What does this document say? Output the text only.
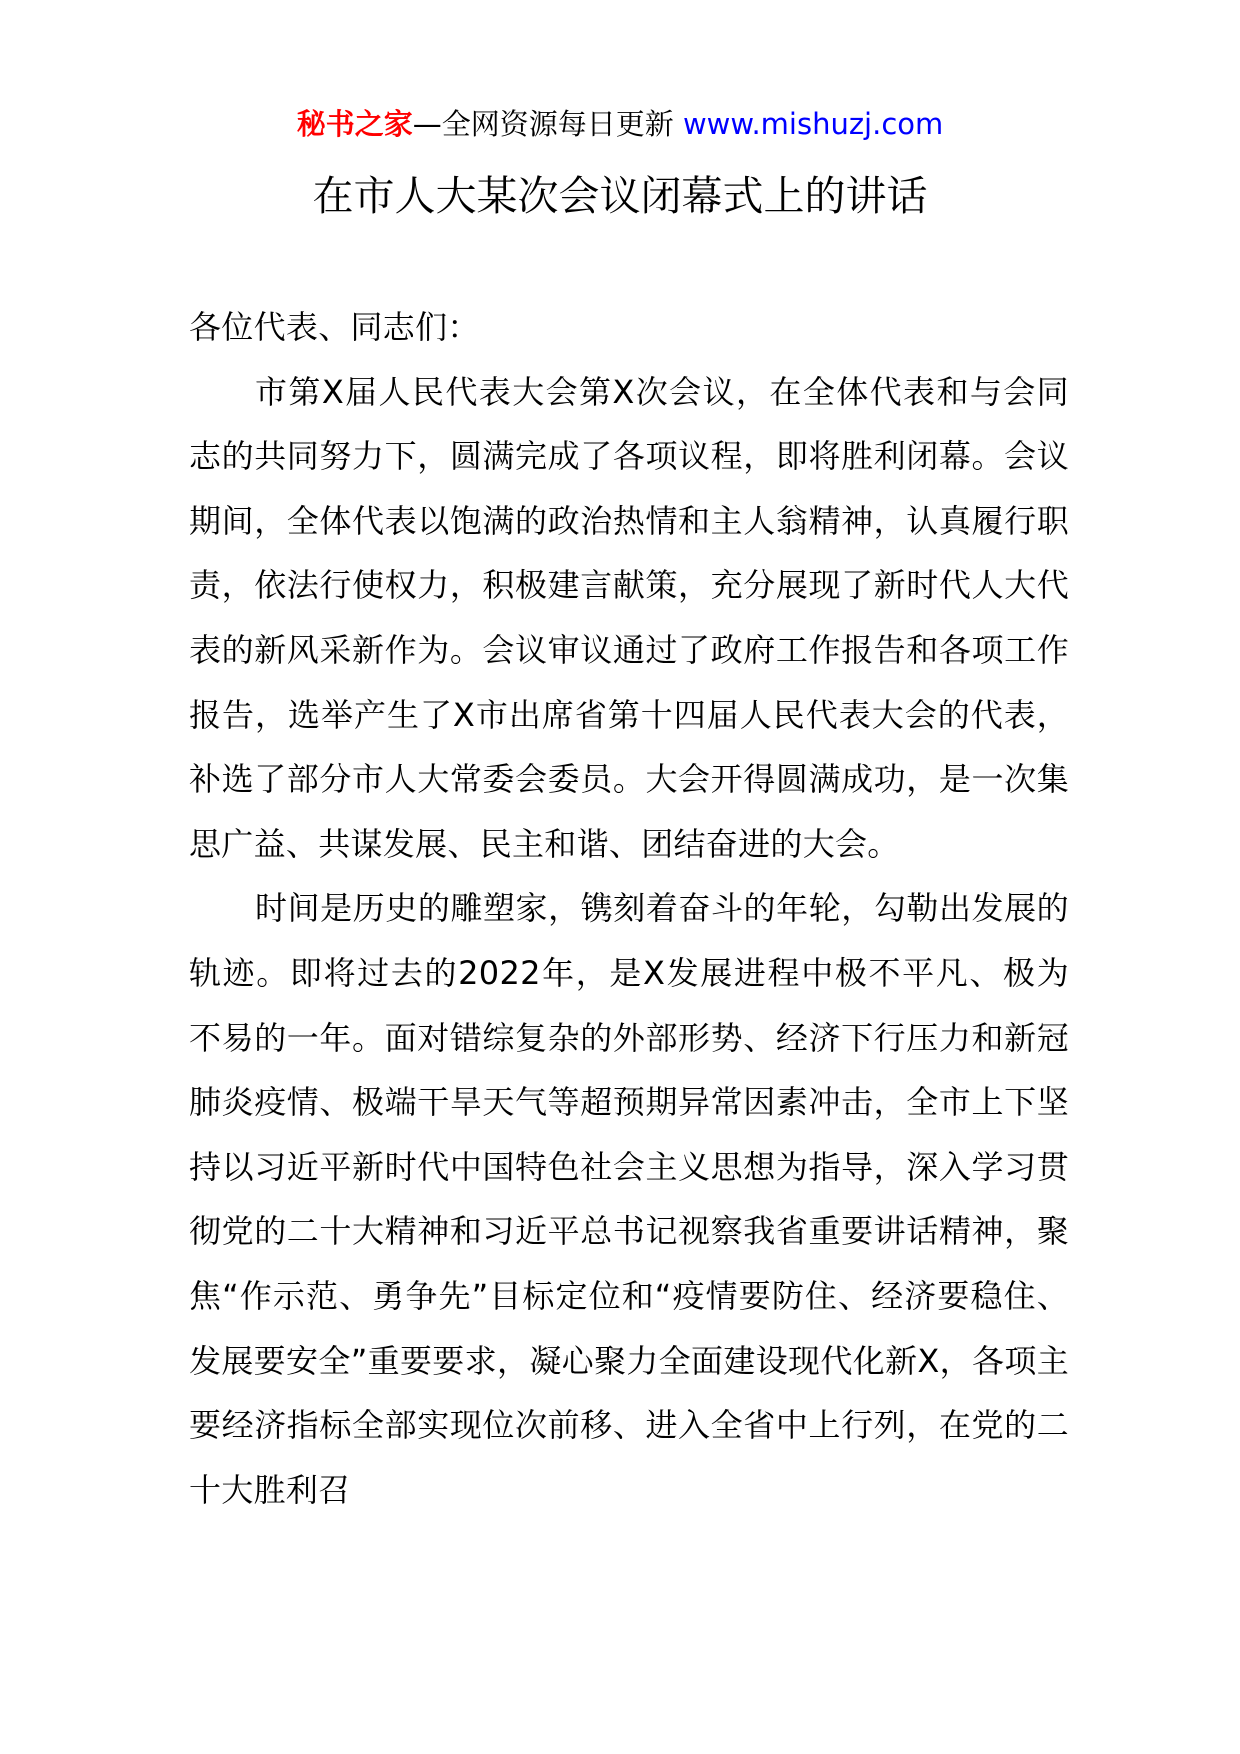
秘书之家—全网资源每日更新 www.mishuzj.com
在市人大某次会议闭幕式上的讲话

各位代表、同志们：

市第X届人民代表大会第X次会议，在全体代表和与会同志的共同努力下，圆满完成了各项议程，即将胜利闭幕。会议期间，全体代表以饱满的政治热情和主人翁精神，认真履行职责，依法行使权力，积极建言献策，充分展现了新时代人大代表的新风采新作为。会议审议通过了政府工作报告和各项工作报告，选举产生了X市出席省第十四届人民代表大会的代表，补选了部分市人大常委会委员。大会开得圆满成功，是一次集思广益、共谋发展、民主和谐、团结奋进的大会。

时间是历史的雕塑家，镌刻着奋斗的年轮，勾勒出发展的轨迹。即将过去的2022年，是X发展进程中极不平凡、极为不易的一年。面对错综复杂的外部形势、经济下行压力和新冠肺炎疫情、极端干旱天气等超预期异常因素冲击，全市上下坚持以习近平新时代中国特色社会主义思想为指导，深入学习贯彻党的二十大精神和习近平总书记视察我省重要讲话精神，聚焦“作示范、勇争先”目标定位和“疫情要防住、经济要稳住、发展要安全”重要要求，凝心聚力全面建设现代化新X，各项主要经济指标全部实现位次前移、进入全省中上行列，在党的二十大胜利召
